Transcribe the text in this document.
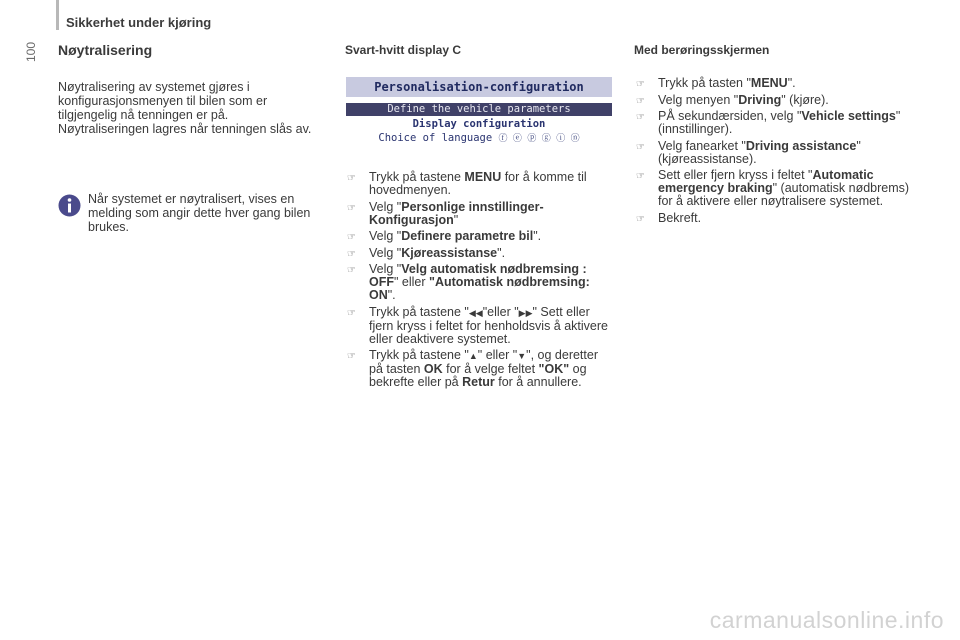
Sikkerhet under kjøring
100 Nøytralisering

Nøytralisering av systemet gjøres i konfigurasjonsmenyen til bilen som er tilgjengelig nå tenningen er på.

Nøytraliseringen lagres når tenningen slås av.

Når systemet er nøytralisert, vises en melding som angir dette hver gang bilen brukes.

Svart-hvitt display C	Med berøringsskjermen
Personalisation-configuration
Define the vehicle parameters
Display configuration
Choice of language ⓕ ⓔ ⓟ ⓖ ⓘ ⓝ
☞ Trykk på tastene MENU for å komme til hovedmenyen.
☞ Velg "Personlige innstillinger-Konfigurasjon"
☞ Velg "Definere parametre bil".
☞ Velg "Kjøreassistanse".
☞ Velg "Velg automatisk nødbremsing : OFF" eller "Automatisk nødbremsing: ON".
☞ Trykk på tastene "◀◀"eller "▶▶" Sett eller fjern kryss i feltet for henholdsvis å aktivere eller deaktivere systemet.
☞ Trykk på tastene "▲" eller "▼", og deretter på tasten OK for å velge feltet "OK" og bekrefte eller på Retur for å annullere.
☞ Trykk på tasten "MENU".
☞ Velg menyen "Driving" (kjøre).
☞ PÅ sekundærsiden, velg "Vehicle settings" (innstillinger).
☞ Velg fanearket "Driving assistance"(kjøreassistanse).
☞ Sett eller fjern kryss i feltet "Automatic emergency braking" (automatisk nødbrems) for å aktivere eller nøytralisere systemet.
☞ Bekreft.
carmanualsonline.info
